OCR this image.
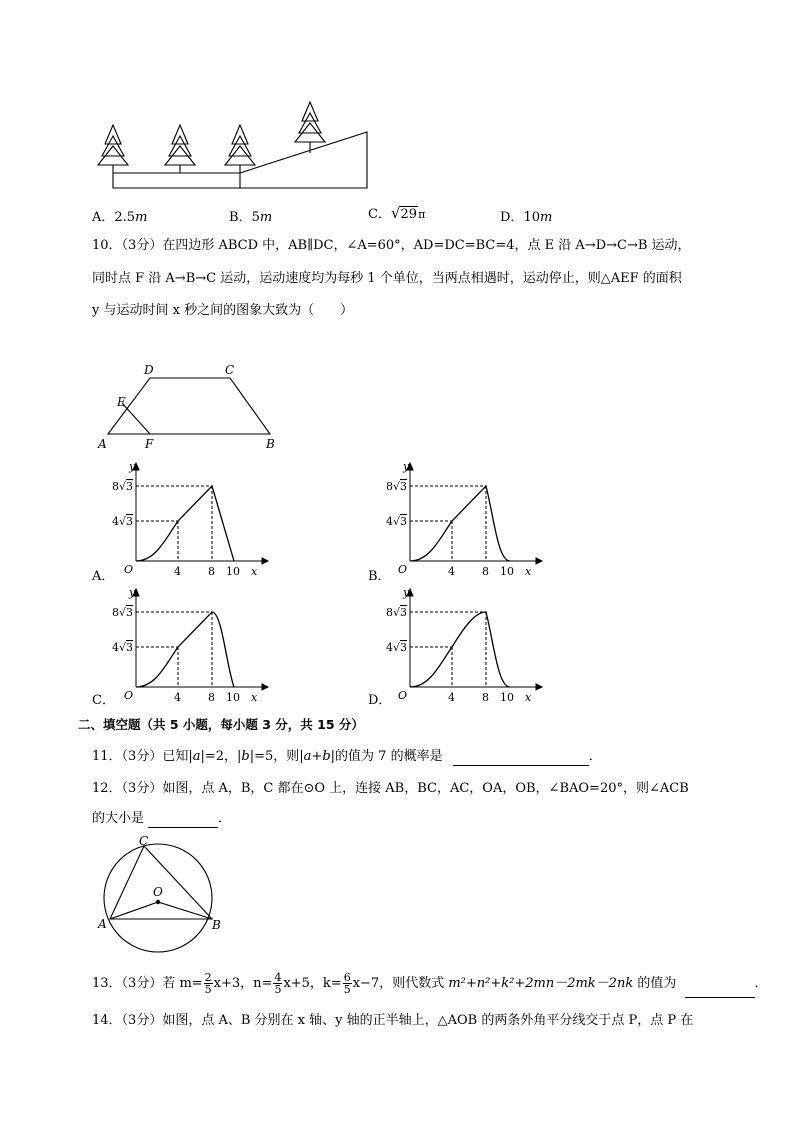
A．2.5m	B．5m	C．√29π	D．10m
10．（3分）在四边形 ABCD 中，AB∥DC，∠A=60°，AD=DC=BC=4，点 E 沿 A→D→C→B 运动，
同时点 F 沿 A→B→C 运动，运动速度均为每秒 1 个单位，当两点相遇时，运动停止，则△AEF 的面积
y 与运动时间 x 秒之间的图象大致为（　　）
D	C
E
A	F	B
y
x
O	4 8 10
8 √ 3
4 √ 3
A．
y
x
O	4 8 10
8 √ 3
4 √ 3
B．
y
x
O	4 8 10
8 √ 3
4 √ 3
C．
y
x
O	4 8 10
8 √ 3
4 √ 3
D．
二、填空题（共 5 小题，每小题 3 分，共 15 分）
11．（3分）已知|a|=2，|b|=5，则|a+b|的值为 7 的概率是	．
12．（3分）如图，点 A，B，C 都在⊙O 上，连接 AB，BC，AC，OA，OB，∠BAO=20°，则∠ACB
的大小是	．
C
O
A	B
13．（3分）若 $m= \frac{2}{5} x+3$，$n= \frac{4}{5} x+5$，$k= \frac{6}{5} x-7$，则代数式 m²+n²+k²+2mn－2mk－2nk 的值为	．
14．（3分）如图，点 A、B 分别在 x 轴、y 轴的正半轴上，△AOB 的两条外角平分线交于点 P，点 P 在
